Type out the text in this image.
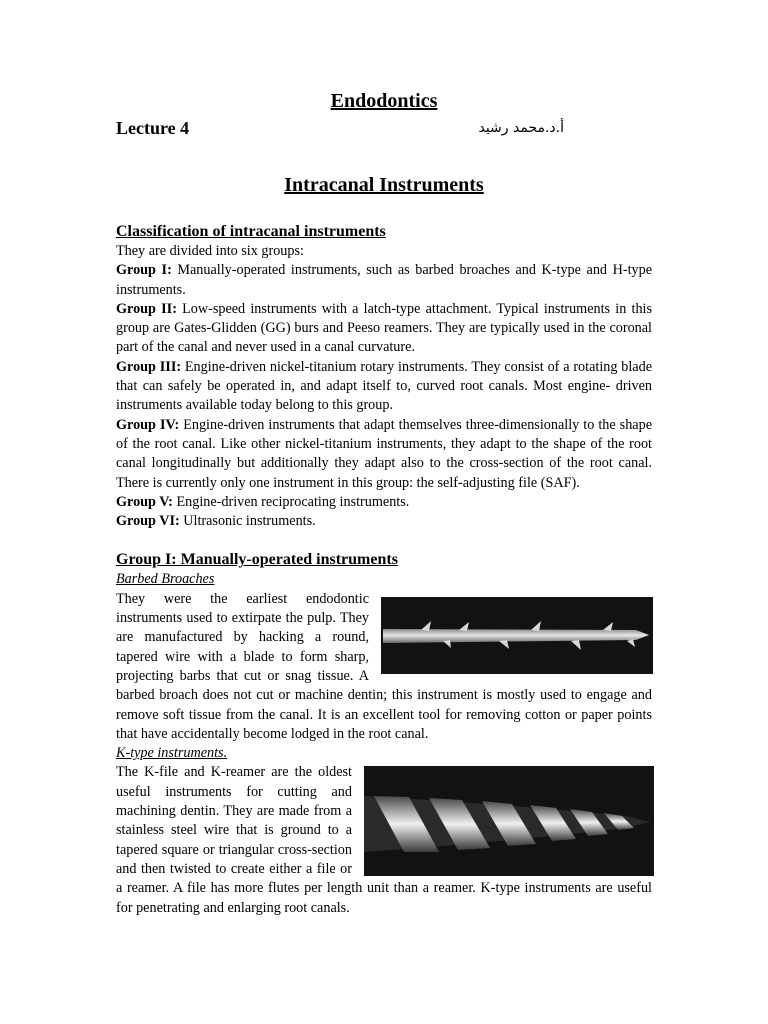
Endodontics
Lecture 4	أ.د.محمد رشيد
Intracanal Instruments
Classification of intracanal instruments

They are divided into six groups:

Group I: Manually-operated instruments, such as barbed broaches and K-type and H-type instruments.

Group II: Low-speed instruments with a latch-type attachment. Typical instruments in this group are Gates-Glidden (GG) burs and Peeso reamers. They are typically used in the coronal part of the canal and never used in a canal curvature.

Group III: Engine-driven nickel-titanium rotary instruments. They consist of a rotating blade that can safely be operated in, and adapt itself to, curved root canals. Most engine- driven instruments available today belong to this group.

Group IV: Engine-driven instruments that adapt themselves three-dimensionally to the shape of the root canal. Like other nickel-titanium instruments, they adapt to the shape of the root canal longitudinally but additionally they adapt also to the cross-section of the root canal. There is currently only one instrument in this group: the self-adjusting file (SAF).

Group V: Engine-driven reciprocating instruments.

Group VI: Ultrasonic instruments.

Group I: Manually-operated instruments
Barbed Broaches

They were the earliest endodontic instruments used to extirpate the pulp. They are manufactured by hacking a round, tapered wire with a blade to form sharp, projecting barbs that cut or snag tissue. A barbed broach does not cut or machine dentin; this instrument is mostly used to engage and remove soft tissue from the canal. It is an excellent tool for removing cotton or paper points that have accidentally become lodged in the root canal.

K-type instruments.

The K-file and K-reamer are the oldest useful instruments for cutting and machining dentin. They are made from a stainless steel wire that is ground to a tapered square or triangular cross-section and then twisted to create either a file or a reamer. A file has more flutes per length unit than a reamer. K-type instruments are useful for penetrating and enlarging root canals.
